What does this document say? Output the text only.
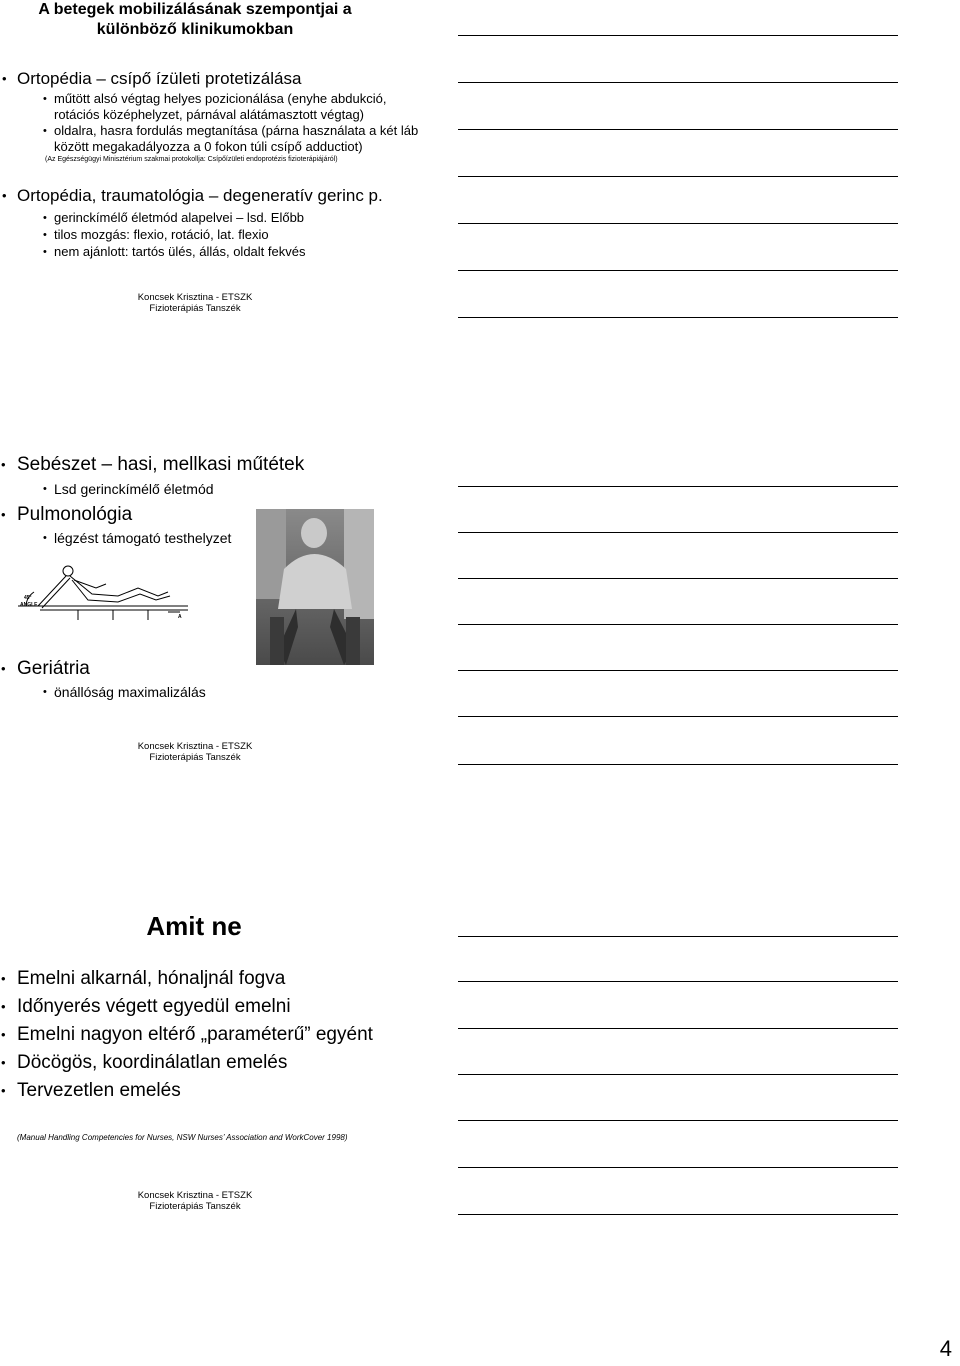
A betegek mobilizálásának szempontjai a
különböző klinikumokban
• Ortopédia – csípő ízületi protetizálása
• műtött alsó végtag helyes pozicionálása (enyhe abdukció,
rotációs középhelyzet, párnával alátámasztott végtag)
• oldalra, hasra fordulás megtanítása (párna használata a két láb
között megakadályozza a 0 fokon túli csípő adductiot)
(Az Egészségügyi Minisztérium szakmai protokollja: Csípőízületi endoprotézis fizioterápiájáról)
• Ortopédia, traumatológia – degeneratív gerinc p.
• gerinckímélő életmód alapelvei – lsd. Előbb
• tilos mozgás: flexio, rotáció, lat. flexio
• nem ajánlott: tartós ülés, állás, oldalt fekvés
Koncsek Krisztina - ETSZK
Fizioterápiás Tanszék
• Sebészet – hasi, mellkasi műtétek
• Lsd gerinckímélő életmód
• Pulmonológia
• légzést támogató testhelyzet
45°
ANGLE
A
• Geriátria
• önállóság maximalizálás
Koncsek Krisztina - ETSZK
Fizioterápiás Tanszék
Amit ne
• Emelni alkarnál, hónaljnál fogva
• Időnyerés végett egyedül emelni
• Emelni nagyon eltérő „paraméterű” egyént
• Döcögös, koordinálatlan emelés
• Tervezetlen emelés
(Manual Handling Competencies for Nurses, NSW Nurses’ Association and WorkCover 1998)
Koncsek Krisztina - ETSZK
Fizioterápiás Tanszék
4
